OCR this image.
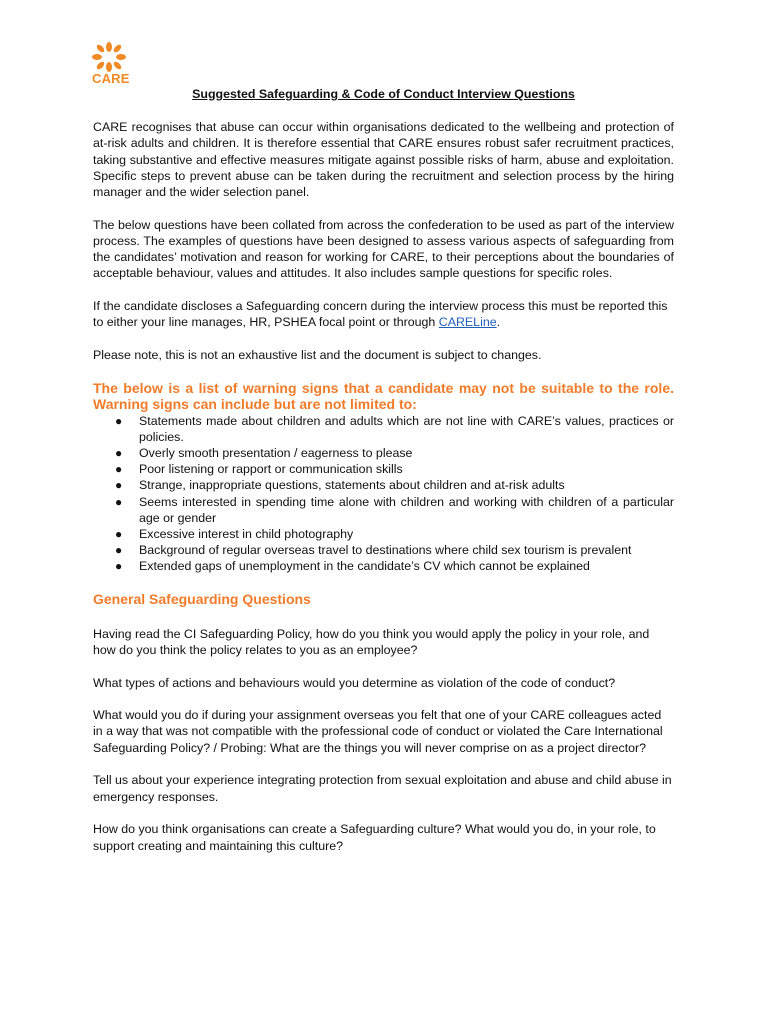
CARE

Suggested Safeguarding & Code of Conduct Interview Questions

CARE recognises that abuse can occur within organisations dedicated to the wellbeing and protection of at-risk adults and children. It is therefore essential that CARE ensures robust safer recruitment practices, taking substantive and effective measures mitigate against possible risks of harm, abuse and exploitation. Specific steps to prevent abuse can be taken during the recruitment and selection process by the hiring manager and the wider selection panel.

The below questions have been collated from across the confederation to be used as part of the interview process. The examples of questions have been designed to assess various aspects of safeguarding from the candidates’ motivation and reason for working for CARE, to their perceptions about the boundaries of acceptable behaviour, values and attitudes. It also includes sample questions for specific roles.

If the candidate discloses a Safeguarding concern during the interview process this must be reported this to either your line manages, HR, PSHEA focal point or through CARELine.

Please note, this is not an exhaustive list and the document is subject to changes.

The below is a list of warning signs that a candidate may not be suitable to the role. Warning signs can include but are not limited to:

● Statements made about children and adults which are not line with CARE’s values, practices or policies.
● Overly smooth presentation / eagerness to please
● Poor listening or rapport or communication skills
● Strange, inappropriate questions, statements about children and at-risk adults
● Seems interested in spending time alone with children and working with children of a particular age or gender
● Excessive interest in child photography
● Background of regular overseas travel to destinations where child sex tourism is prevalent
● Extended gaps of unemployment in the candidate’s CV which cannot be explained

General Safeguarding Questions

Having read the CI Safeguarding Policy, how do you think you would apply the policy in your role, and how do you think the policy relates to you as an employee?

What types of actions and behaviours would you determine as violation of the code of conduct?

What would you do if during your assignment overseas you felt that one of your CARE colleagues acted in a way that was not compatible with the professional code of conduct or violated the Care International Safeguarding Policy? / Probing: What are the things you will never comprise on as a project director?

Tell us about your experience integrating protection from sexual exploitation and abuse and child abuse in emergency responses.

How do you think organisations can create a Safeguarding culture? What would you do, in your role, to support creating and maintaining this culture?
